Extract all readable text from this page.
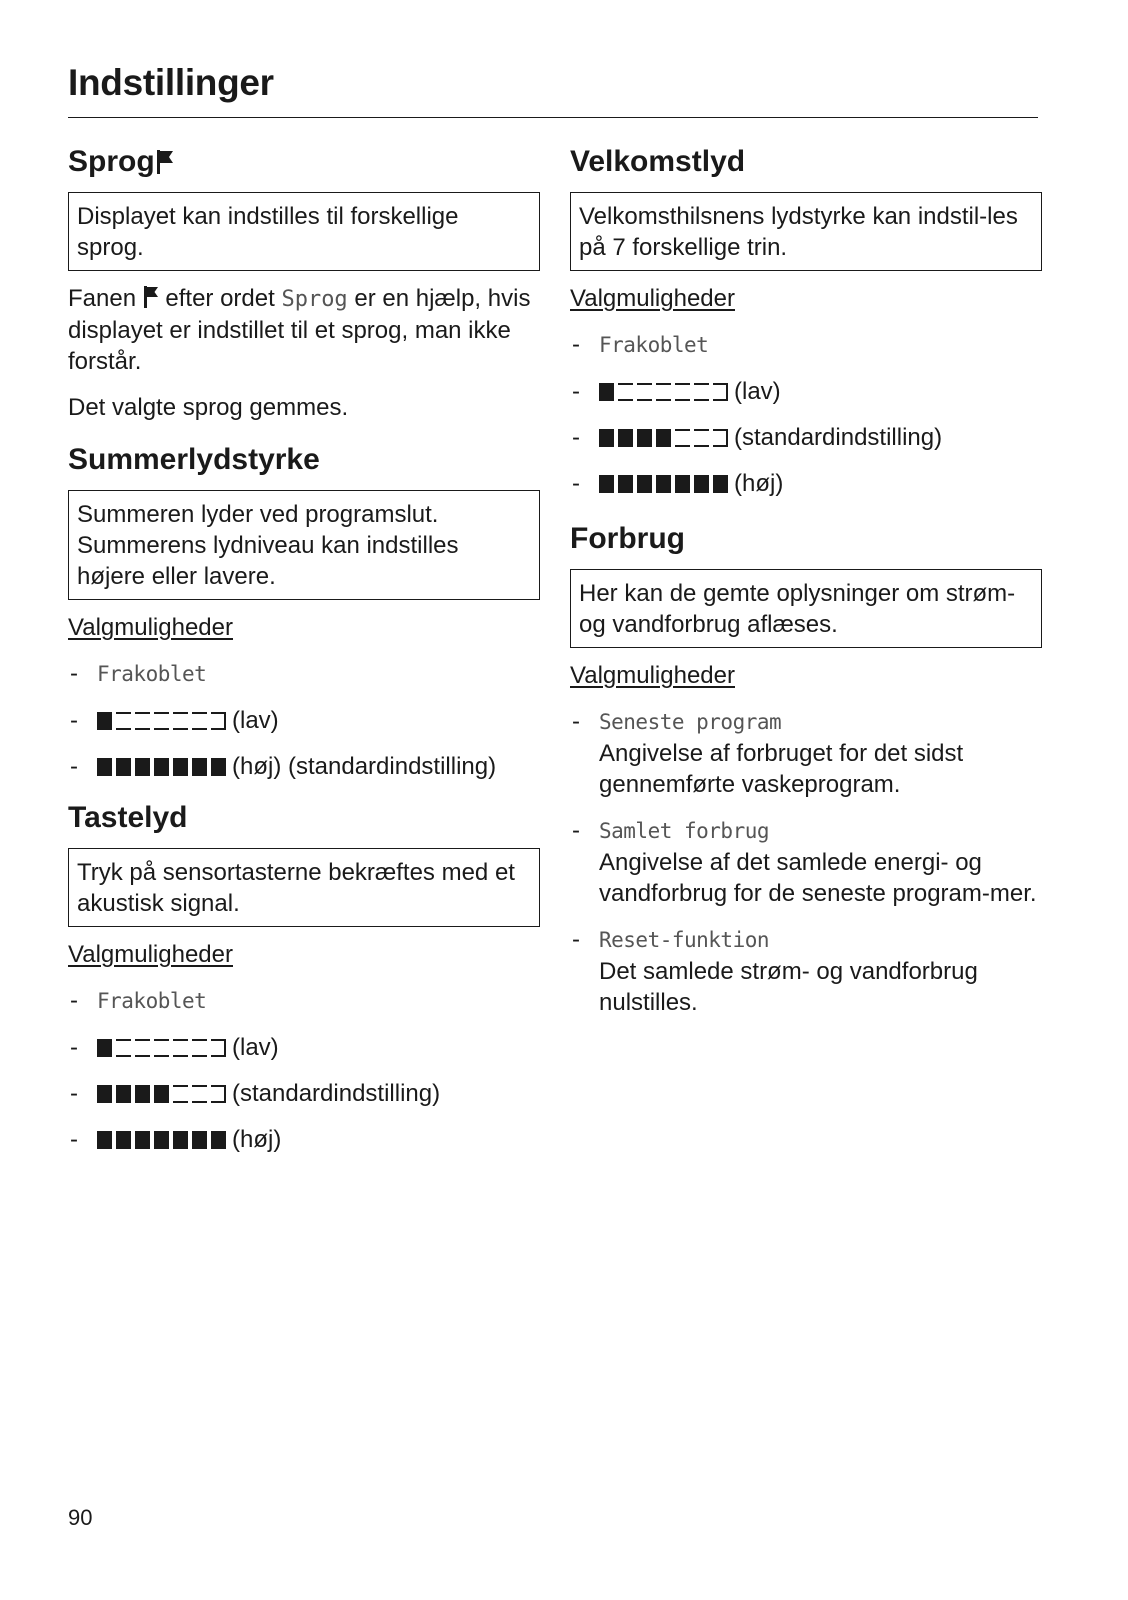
Indstillinger
Sprog
Displayet kan indstilles til forskellige sprog.

Fanen  efter ordet Sprog er en hjælp, hvis displayet er indstillet til et sprog, man ikke forstår.

Det valgte sprog gemmes.

Summerlydstyrke
Summeren lyder ved programslut. Summerens lydniveau kan indstilles højere eller lavere.
Valgmuligheder
- Frakoblet
-	(lav)
-	(høj) (standardindstilling)
Tastelyd
Tryk på sensortasterne bekræftes med et akustisk signal.
Valgmuligheder
- Frakoblet
-	(lav)
-	(standardindstilling)
-	(høj)
Velkomstlyd
Velkomsthilsnens lydstyrke kan indstil-les på 7 forskellige trin.
Valgmuligheder
- Frakoblet
-	(lav)
-	(standardindstilling)
-	(høj)
Forbrug
Her kan de gemte oplysninger om strøm- og vandforbrug aflæses.
Valgmuligheder
- Seneste program
Angivelse af forbruget for det sidst gennemførte vaskeprogram.
- Samlet forbrug
Angivelse af det samlede energi- og vandforbrug for de seneste program-mer.
- Reset-funktion
Det samlede strøm- og vandforbrug nulstilles.
90
